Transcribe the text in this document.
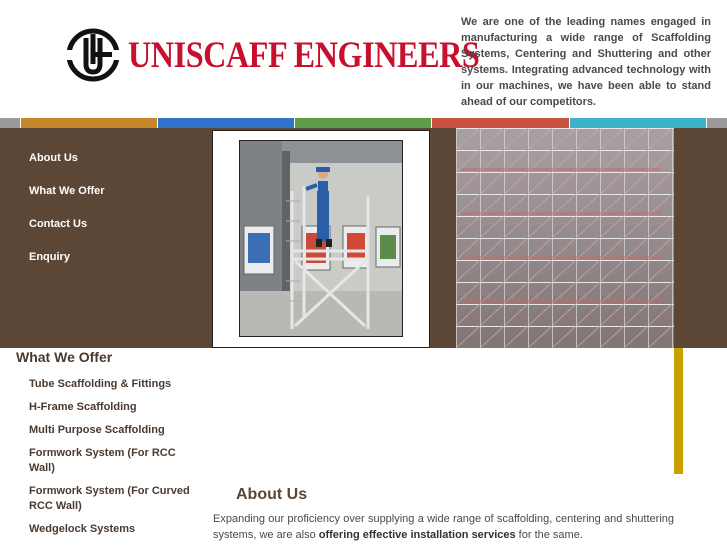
UNISCAFF ENGINEERS
We are one of the leading names engaged in manufacturing a wide range of Scaffolding Systems, Centering and Shuttering and other systems. Integrating advanced technology with in our machines, we have been able to stand ahead of our competitors.
About Us
What We Offer
Contact Us
Enquiry
What We Offer
Tube Scaffolding & Fittings
H-Frame Scaffolding
Multi Purpose Scaffolding
Formwork System (For RCC Wall)
Formwork System (For Curved RCC Wall)
Wedgelock Systems
About Us
Expanding our proficiency over supplying a wide range of scaffolding, centering and shuttering systems, we are also offering effective installation services for the same.
